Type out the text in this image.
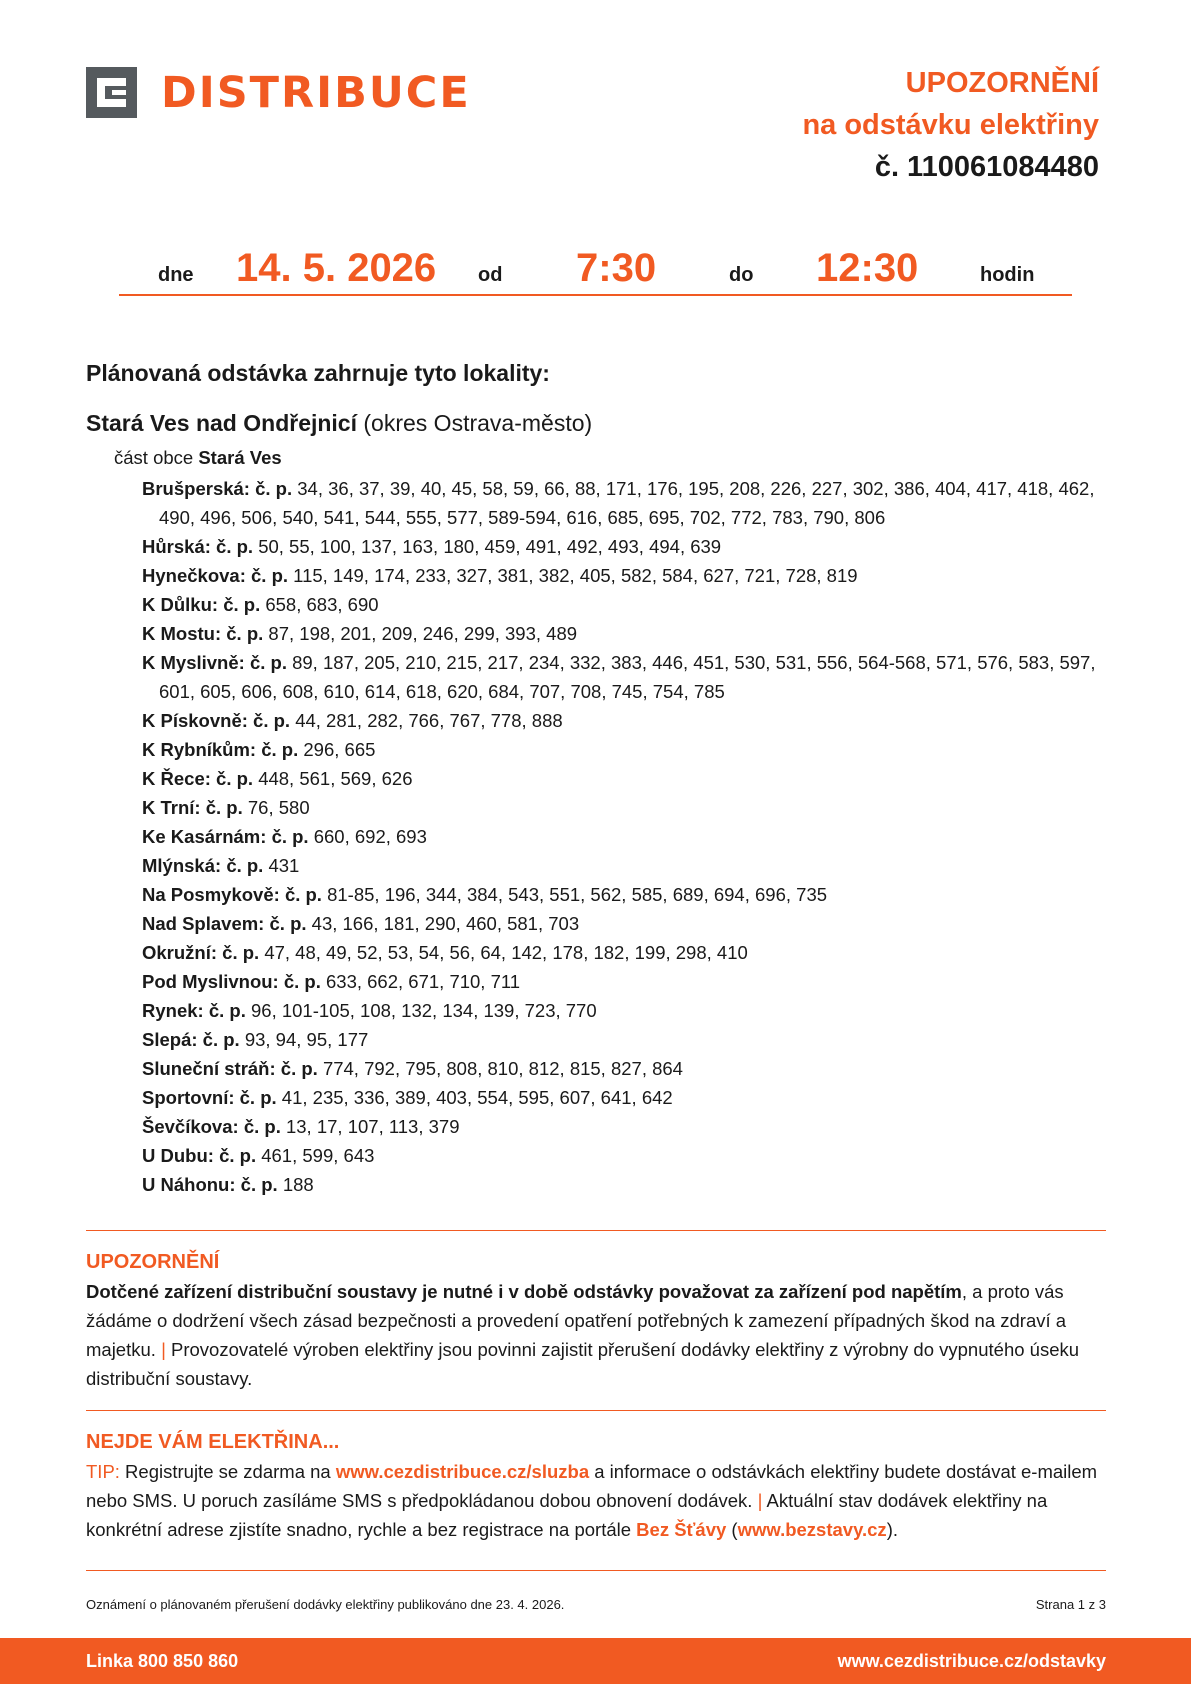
DISTRIBUCE	UPOZORNĚNÍ
na odstávku elektřiny
č. 110061084480
dne 14. 5. 2026 od 7:30	do 12:30	hodin
Plánovaná odstávka zahrnuje tyto lokality:
Stará Ves nad Ondřejnicí (okres Ostrava-město)
část obce Stará Ves
Brušperská: č. p. 34, 36, 37, 39, 40, 45, 58, 59, 66, 88, 171, 176, 195, 208, 226, 227, 302, 386, 404, 417, 418, 462, 490, 496, 506, 540, 541, 544, 555, 577, 589-594, 616, 685, 695, 702, 772, 783, 790, 806
Hůrská: č. p. 50, 55, 100, 137, 163, 180, 459, 491, 492, 493, 494, 639
Hynečkova: č. p. 115, 149, 174, 233, 327, 381, 382, 405, 582, 584, 627, 721, 728, 819
K Důlku: č. p. 658, 683, 690
K Mostu: č. p. 87, 198, 201, 209, 246, 299, 393, 489
K Myslivně: č. p. 89, 187, 205, 210, 215, 217, 234, 332, 383, 446, 451, 530, 531, 556, 564-568, 571, 576, 583, 597, 601, 605, 606, 608, 610, 614, 618, 620, 684, 707, 708, 745, 754, 785
K Pískovně: č. p. 44, 281, 282, 766, 767, 778, 888
K Rybníkům: č. p. 296, 665
K Řece: č. p. 448, 561, 569, 626
K Trní: č. p. 76, 580
Ke Kasárnám: č. p. 660, 692, 693
Mlýnská: č. p. 431
Na Posmykově: č. p. 81-85, 196, 344, 384, 543, 551, 562, 585, 689, 694, 696, 735
Nad Splavem: č. p. 43, 166, 181, 290, 460, 581, 703
Okružní: č. p. 47, 48, 49, 52, 53, 54, 56, 64, 142, 178, 182, 199, 298, 410
Pod Myslivnou: č. p. 633, 662, 671, 710, 711
Rynek: č. p. 96, 101-105, 108, 132, 134, 139, 723, 770
Slepá: č. p. 93, 94, 95, 177
Sluneční stráň: č. p. 774, 792, 795, 808, 810, 812, 815, 827, 864
Sportovní: č. p. 41, 235, 336, 389, 403, 554, 595, 607, 641, 642
Ševčíkova: č. p. 13, 17, 107, 113, 379
U Dubu: č. p. 461, 599, 643
U Náhonu: č. p. 188
UPOZORNĚNÍ

Dotčené zařízení distribuční soustavy je nutné i v době odstávky považovat za zařízení pod napětím, a proto vás žádáme o dodržení všech zásad bezpečnosti a provedení opatření potřebných k zamezení případných škod na zdraví a majetku. | Provozovatelé výroben elektřiny jsou povinni zajistit přerušení dodávky elektřiny z výrobny do vypnutého úseku distribuční soustavy.

NEJDE VÁM ELEKTŘINA...

TIP: Registrujte se zdarma na www.cezdistribuce.cz/sluzba a informace o odstávkách elektřiny budete dostávat e-mailem nebo SMS. U poruch zasíláme SMS s předpokládanou dobou obnovení dodávek. | Aktuální stav dodávek elektřiny na konkrétní adrese zjistíte snadno, rychle a bez registrace na portále Bez Šťávy (www.bezstavy.cz).

Oznámení o plánovaném přerušení dodávky elektřiny publikováno dne 23. 4. 2026.	Strana 1 z 3
Linka 800 850 860	www.cezdistribuce.cz/odstavky
